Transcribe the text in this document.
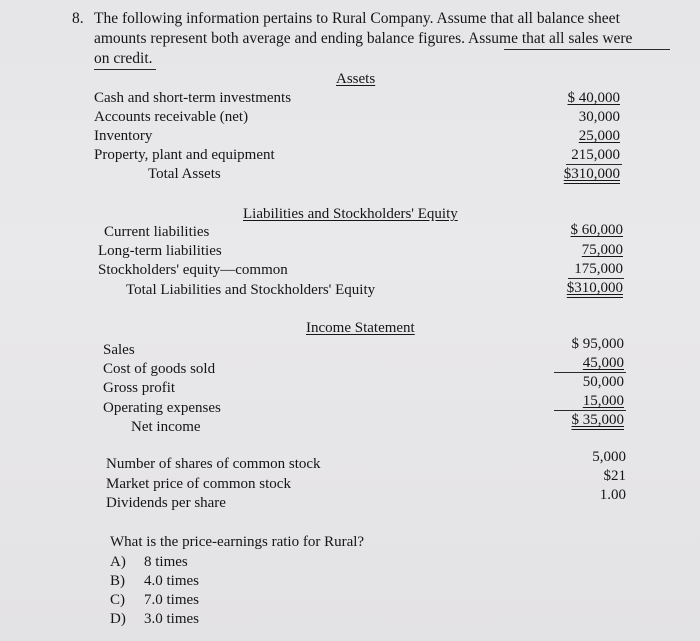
8. The following information pertains to Rural Company. Assume that all balance sheet
amounts represent both average and ending balance figures. Assume that all sales were
on credit.
Assets
Cash and short-term investments
Accounts receivable (net)
Inventory
Property, plant and equipment
Total Assets
$ 40,000
30,000
25,000
215,000
$310,000
Liabilities and Stockholders' Equity
Current liabilities
Long-term liabilities
Stockholders' equity—common
Total Liabilities and Stockholders' Equity
$ 60,000
75,000
175,000
$310,000
Income Statement
Sales
Cost of goods sold
Gross profit
Operating expenses
Net income
$ 95,000
45,000
50,000
15,000
$ 35,000
Number of shares of common stock
Market price of common stock
Dividends per share
5,000
$21
1.00
What is the price-earnings ratio for Rural?
A) 8 times
B) 4.0 times
C) 7.0 times
D) 3.0 times
